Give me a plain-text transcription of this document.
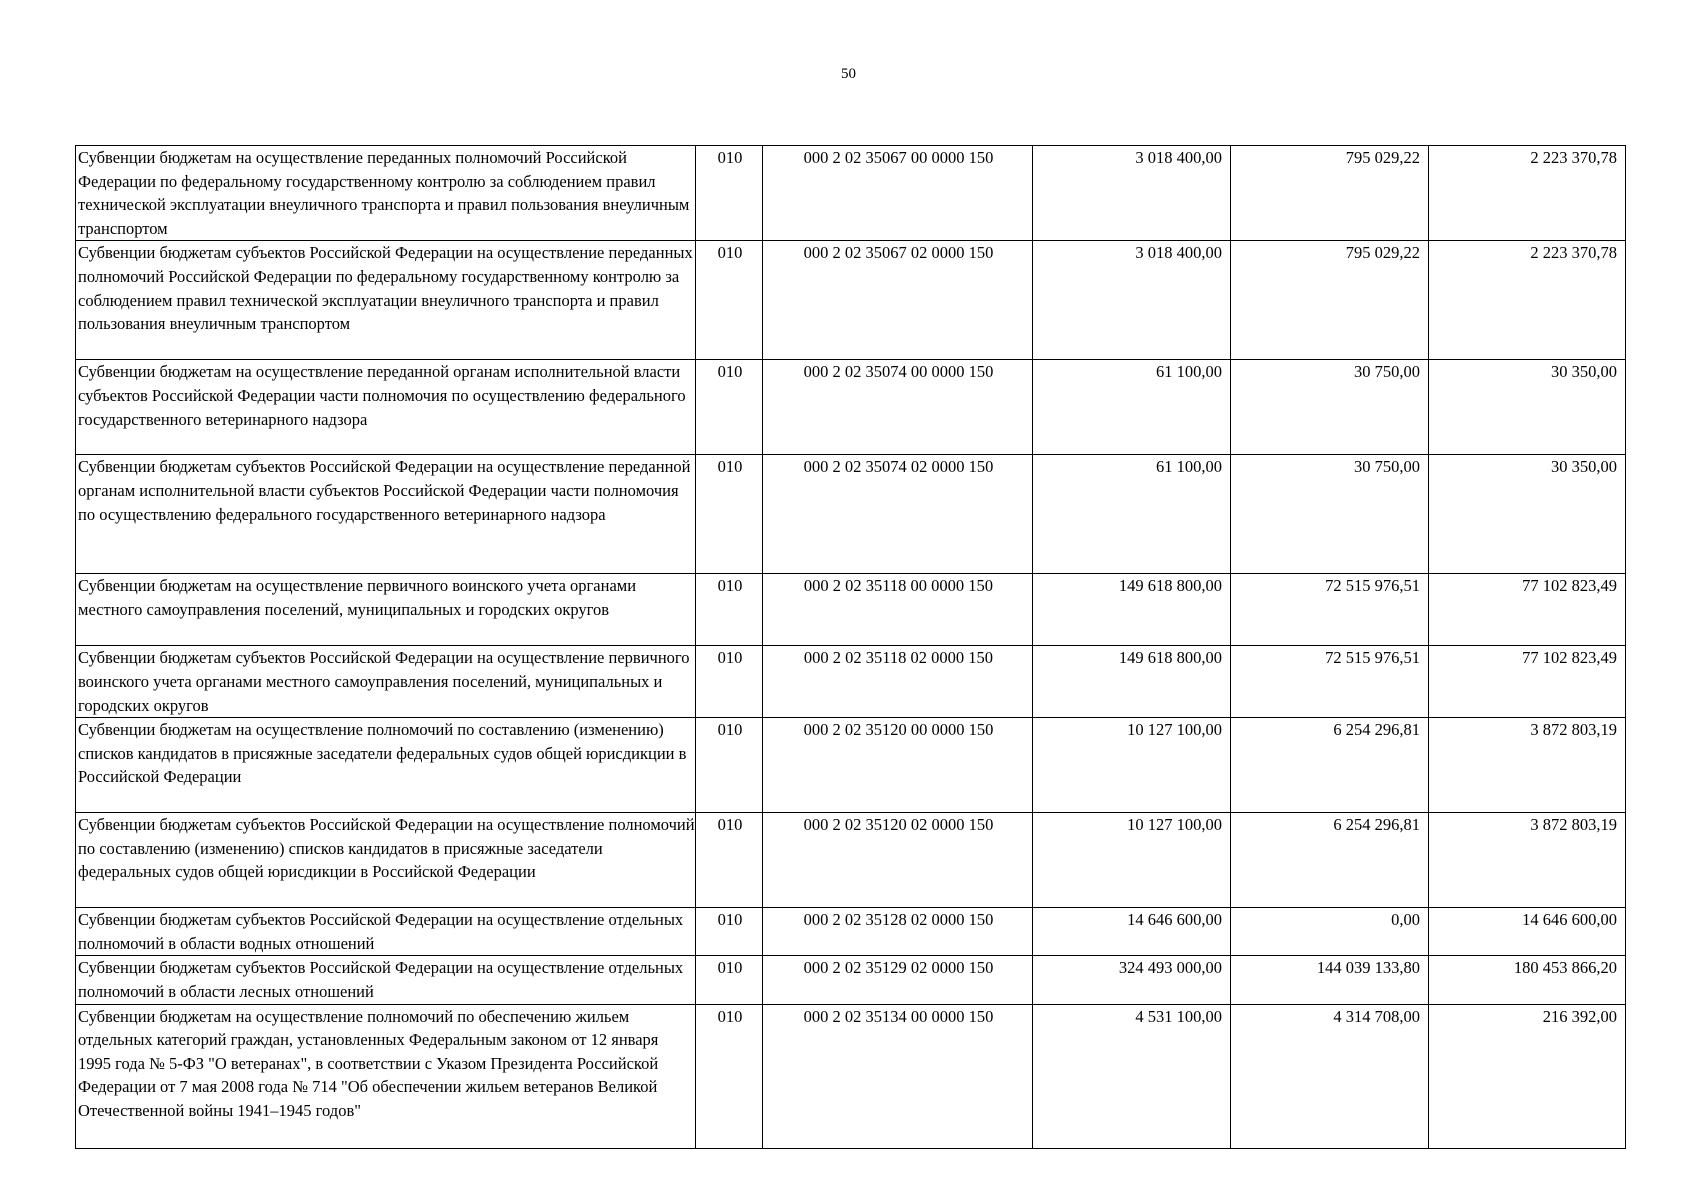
50
Субвенции бюджетам на осуществление переданных полномочий Российской Федерации по федеральному государственному контролю за соблюдением правил технической эксплуатации внеуличного транспорта и правил пользования внеуличным транспортом	010	000 2 02 35067 00 0000 150	3 018 400,00	795 029,22	2 223 370,78
Субвенции бюджетам субъектов Российской Федерации на осуществление переданных полномочий Российской Федерации по федеральному государственному контролю за соблюдением правил технической эксплуатации внеуличного транспорта и правил пользования внеуличным транспортом	010	000 2 02 35067 02 0000 150	3 018 400,00	795 029,22	2 223 370,78
Субвенции бюджетам на осуществление переданной органам исполнительной власти субъектов Российской Федерации части полномочия по осуществлению федерального государственного ветеринарного надзора	010	000 2 02 35074 00 0000 150	61 100,00	30 750,00	30 350,00
Субвенции бюджетам субъектов Российской Федерации на осуществление переданной органам исполнительной власти субъектов Российской Федерации части полномочия по осуществлению федерального государственного ветеринарного надзора	010	000 2 02 35074 02 0000 150	61 100,00	30 750,00	30 350,00
Субвенции бюджетам на осуществление первичного воинского учета органами местного самоуправления поселений, муниципальных и городских округов	010	000 2 02 35118 00 0000 150	149 618 800,00	72 515 976,51	77 102 823,49
Субвенции бюджетам субъектов Российской Федерации на осуществление первичного воинского учета органами местного самоуправления поселений, муниципальных и городских округов	010	000 2 02 35118 02 0000 150	149 618 800,00	72 515 976,51	77 102 823,49
Субвенции бюджетам на осуществление полномочий по составлению (изменению) списков кандидатов в присяжные заседатели федеральных судов общей юрисдикции в Российской Федерации	010	000 2 02 35120 00 0000 150	10 127 100,00	6 254 296,81	3 872 803,19
Субвенции бюджетам субъектов Российской Федерации на осуществление полномочий по составлению (изменению) списков кандидатов в присяжные заседатели федеральных судов общей юрисдикции в Российской Федерации	010	000 2 02 35120 02 0000 150	10 127 100,00	6 254 296,81	3 872 803,19
Субвенции бюджетам субъектов Российской Федерации на осуществление отдельных полномочий в области водных отношений	010	000 2 02 35128 02 0000 150	14 646 600,00	0,00	14 646 600,00
Субвенции бюджетам субъектов Российской Федерации на осуществление отдельных полномочий в области лесных отношений	010	000 2 02 35129 02 0000 150	324 493 000,00	144 039 133,80	180 453 866,20
Субвенции бюджетам на осуществление полномочий по обеспечению жильем отдельных категорий граждан, установленных Федеральным законом от 12 января 1995 года № 5-ФЗ "О ветеранах", в соответствии с Указом Президента Российской Федерации от 7 мая 2008 года № 714 "Об обеспечении жильем ветеранов Великой Отечественной войны 1941–1945 годов"	010	000 2 02 35134 00 0000 150	4 531 100,00	4 314 708,00	216 392,00
